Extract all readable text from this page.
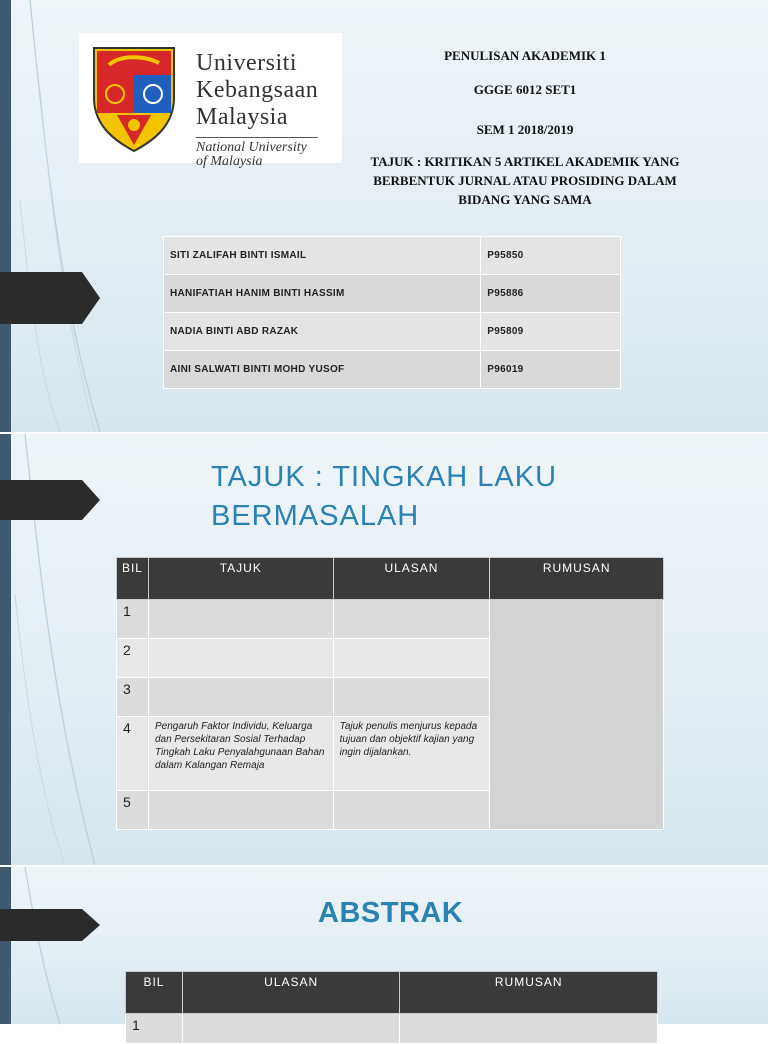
Universiti
Kebangsaan
Malaysia
National University
of Malaysia
PENULISAN AKADEMIK 1
GGGE 6012 SET1
SEM 1 2018/2019
TAJUK : KRITIKAN 5 ARTIKEL AKADEMIK YANG
BERBENTUK JURNAL ATAU PROSIDING DALAM
BIDANG YANG SAMA
SITI ZALIFAH BINTI ISMAIL	P95850
HANIFATIAH HANIM BINTI HASSIM	P95886
NADIA BINTI ABD RAZAK	P95809
AINI SALWATI BINTI MOHD YUSOF	P96019
TAJUK : TINGKAH LAKU
BERMASALAH
BIL	TAJUK	ULASAN	RUMUSAN
1			
2			
3			
4	Pengaruh Faktor Individu, Keluarga dan Persekitaran Sosial Terhadap Tingkah Laku Penyalahgunaan Bahan dalam Kalangan Remaja	Tajuk penulis menjurus kepada tujuan dan objektif kajian yang ingin dijalankan.	
5			
ABSTRAK
BIL	ULASAN	RUMUSAN
1		
